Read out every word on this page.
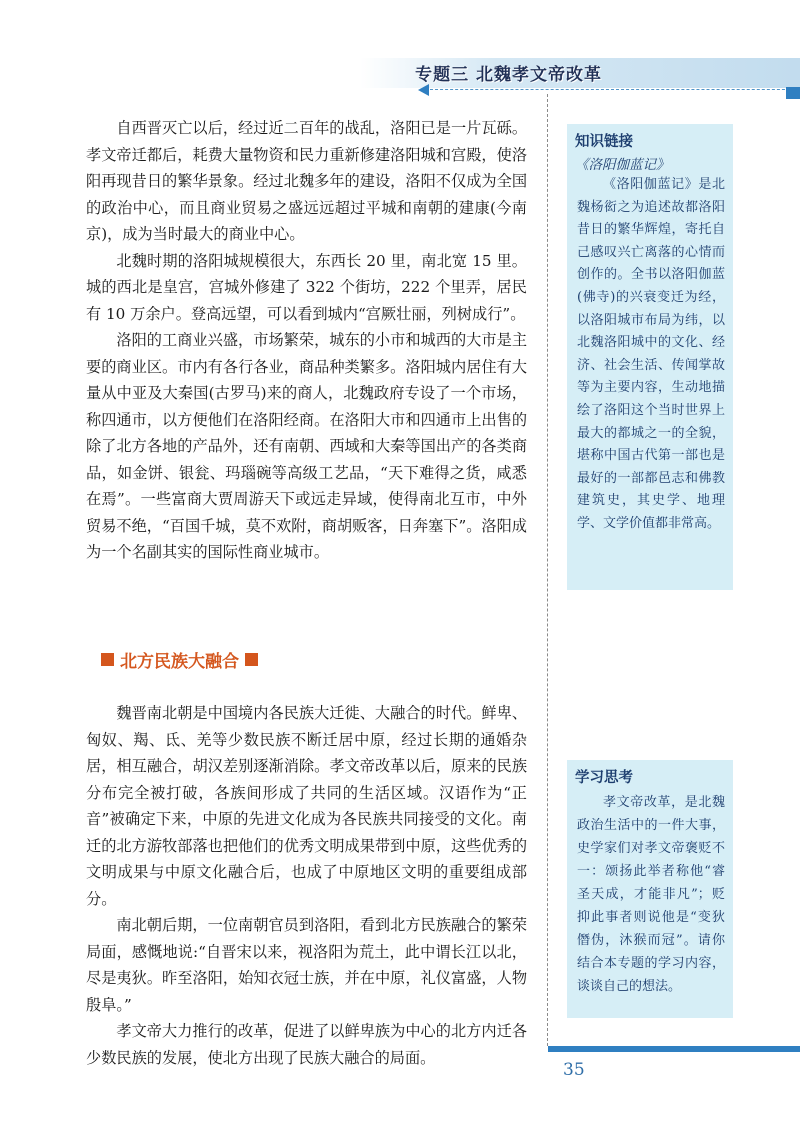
专题三 北魏孝文帝改革

自西晋灭亡以后，经过近二百年的战乱，洛阳已是一片瓦砾。孝文帝迁都后，耗费大量物资和民力重新修建洛阳城和宫殿，使洛阳再现昔日的繁华景象。经过北魏多年的建设，洛阳不仅成为全国的政治中心，而且商业贸易之盛远远超过平城和南朝的建康(今南京)，成为当时最大的商业中心。

北魏时期的洛阳城规模很大，东西长 20 里，南北宽 15 里。城的西北是皇宫，宫城外修建了 322 个街坊，222 个里弄，居民有 10 万余户。登高远望，可以看到城内“宫厥壮丽，列树成行”。

洛阳的工商业兴盛，市场繁荣，城东的小市和城西的大市是主要的商业区。市内有各行各业，商品种类繁多。洛阳城内居住有大量从中亚及大秦国(古罗马)来的商人，北魏政府专设了一个市场，称四通市，以方便他们在洛阳经商。在洛阳大市和四通市上出售的除了北方各地的产品外，还有南朝、西域和大秦等国出产的各类商品，如金饼、银瓮、玛瑙碗等高级工艺品，“天下难得之货，咸悉在焉”。一些富商大贾周游天下或远走异域，使得南北互市，中外贸易不绝，“百国千城，莫不欢附，商胡贩客，日奔塞下”。洛阳成为一个名副其实的国际性商业城市。

北方民族大融合

魏晋南北朝是中国境内各民族大迁徙、大融合的时代。鲜卑、匈奴、羯、氐、羌等少数民族不断迁居中原，经过长期的通婚杂居，相互融合，胡汉差别逐渐消除。孝文帝改革以后，原来的民族分布完全被打破，各族间形成了共同的生活区域。汉语作为“正音”被确定下来，中原的先进文化成为各民族共同接受的文化。南迁的北方游牧部落也把他们的优秀文明成果带到中原，这些优秀的文明成果与中原文化融合后，也成了中原地区文明的重要组成部分。

南北朝后期，一位南朝官员到洛阳，看到北方民族融合的繁荣局面，感慨地说:“自晋宋以来，视洛阳为荒土，此中谓长江以北，尽是夷狄。昨至洛阳，始知衣冠士族，并在中原，礼仪富盛，人物殷阜。”

孝文帝大力推行的改革，促进了以鲜卑族为中心的北方内迁各少数民族的发展，使北方出现了民族大融合的局面。

知识链接
《洛阳伽蓝记》
《洛阳伽蓝记》是北魏杨衒之为追述故都洛阳昔日的繁华辉煌，寄托自己感叹兴亡离落的心情而创作的。全书以洛阳伽蓝(佛寺)的兴衰变迁为经，以洛阳城市布局为纬，以北魏洛阳城中的文化、经济、社会生活、传闻掌故等为主要内容，生动地描绘了洛阳这个当时世界上最大的都城之一的全貌，堪称中国古代第一部也是最好的一部都邑志和佛教建筑史，其史学、地理学、文学价值都非常高。
学习思考
孝文帝改革，是北魏政治生活中的一件大事，史学家们对孝文帝褒贬不一：颂扬此举者称他“睿圣天成，才能非凡”；贬抑此事者则说他是“变狄僭伪，沐猴而冠”。请你结合本专题的学习内容，谈谈自己的想法。
35
